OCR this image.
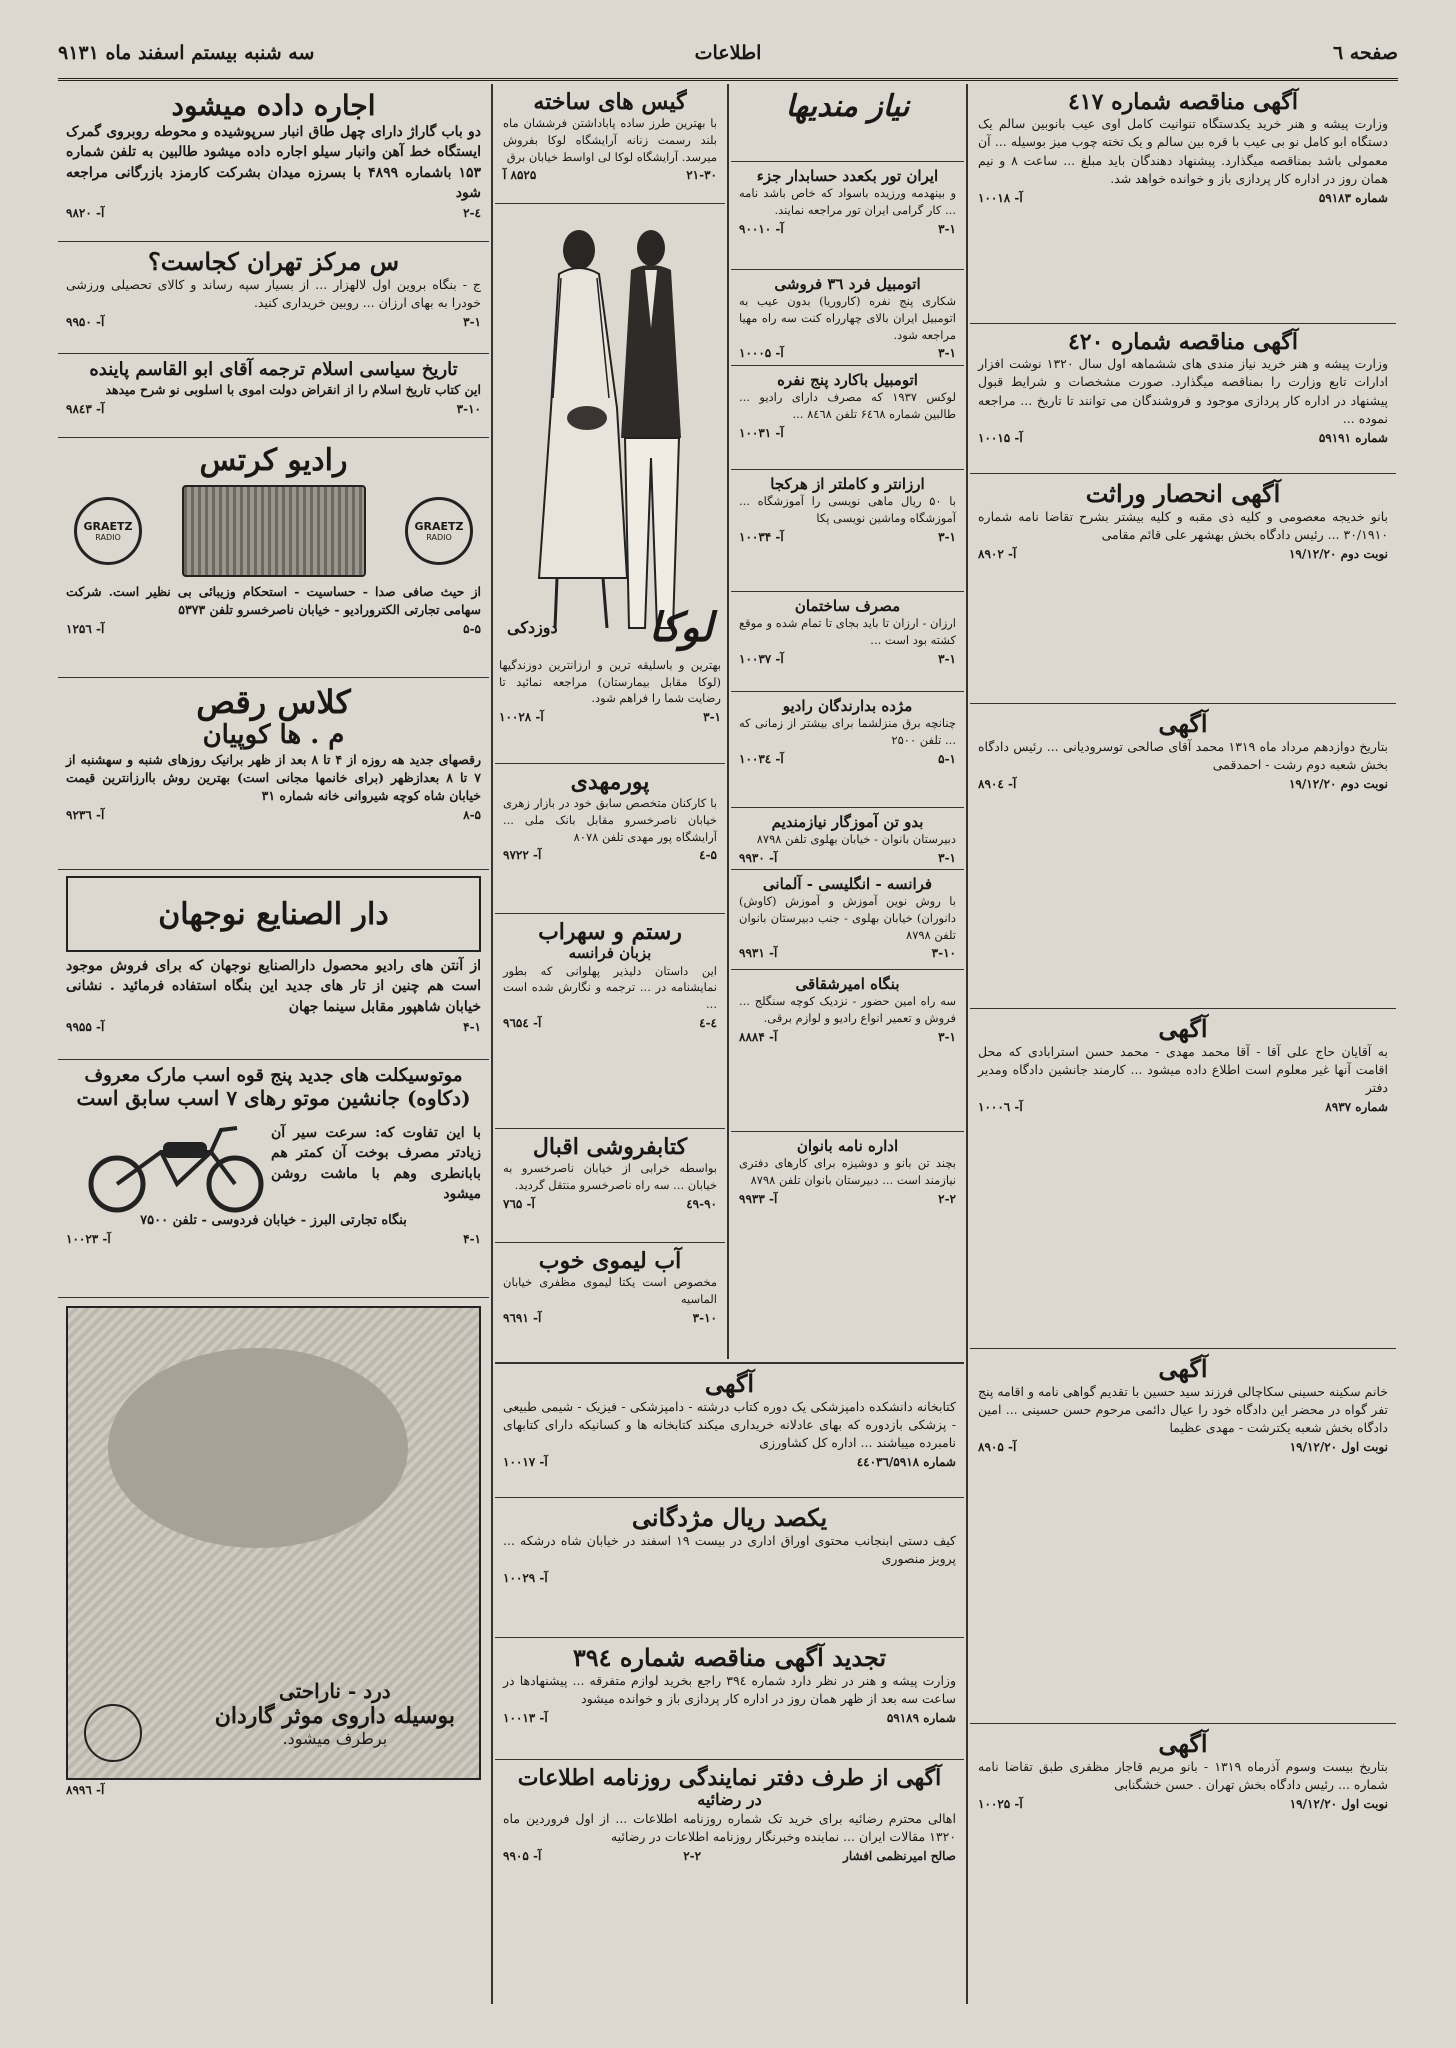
صفحه ٦
اطلاعات
سه شنبه بیستم اسفند ماه ۹۱۳۱
آگهی مناقصه شماره ٤١٧
وزارت پیشه و هنر خرید یکدستگاه تنوانیت کامل اوی عیب بانوبین سالم یک دستگاه ابو کامل نو بی عیب با قره بین سالم و یک تخته چوب میز بوسیله ... آن معمولی باشد بمناقصه میگذارد. پیشنهاد دهندگان باید مبلغ ... ساعت ۸ و نیم همان روز در اداره کار پردازی باز و خوانده خواهد شد.
شماره ۵۹۱۸۳
آ- ۱۰۰۱۸
آگهی مناقصه شماره ٤٢٠
وزارت پیشه و هنر خرید نیاز مندی های ششماهه اول سال ۱۳۲۰ نوشت افزار ادارات تابع وزارت را بمناقصه میگذارد. صورت مشخصات و شرایط قبول پیشنهاد در اداره کار پردازی موجود و فروشندگان می توانند تا تاریخ ... مراجعه نموده ...
شماره ۵۹۱۹۱
آ- ۱۰۰۱۵
آگهی انحصار وراثت
بانو خدیجه معصومی و کلیه ذی مقبه و کلیه بیشتر بشرح تقاضا نامه شماره ۳۰/۱۹۱۰ ... رئیس دادگاه بخش بهشهر علی قائم مقامی
نوبت دوم ۱۹/۱۲/۲۰
آ- ۸۹۰۲
آگهی
بتاریخ دوازدهم مرداد ماه ۱۳۱۹ محمد آقای صالحی توسرودیانی ... رئیس دادگاه بخش شعبه دوم رشت - احمدقمی
نوبت دوم ۱۹/۱۲/۲۰
آ- ۸۹۰٤
آگهی
به آقایان حاج علی آقا - آقا محمد مهدی - محمد حسن استرابادی که محل اقامت آنها غیر معلوم است اطلاع داده میشود ... کارمند جانشین دادگاه ومدیر دفتر
شماره ۸۹۳۷
آ- ۱۰۰۰٦
آگهی
خانم سکینه حسینی سکاچالی فرزند سید حسین با تقدیم گواهی نامه و اقامه پنج تفر گواه در محضر این دادگاه خود را عیال دائمی مرحوم حسن حسینی ... امین دادگاه بخش شعبه یکترشت - مهدی عظیما
نوبت اول ۱۹/۱۲/۲۰
آ- ۸۹۰۵
آگهی
بتاریخ بیست وسوم آذرماه ۱۳۱۹ - بانو مریم قاجار مظفری طبق تقاضا نامه شماره ... رئیس دادگاه بخش تهران . حسن خشگنابی
نوبت اول ۱۹/۱۲/۲۰
آ- ۱۰۰۲۵
نیاز مندیها
ایران تور بکعدد حسابدار جزء
و بینهدمه ورزیده باسواد که خاص باشد نامه ... کار گرامی ایران تور مراجعه نمایند.
۳-۱
آ- ۹۰۰۱۰
اتومبیل فرد ٣٦ فروشی
شکاری پنج نفره (کاروریا) بدون عیب به اتومبیل ایران بالای چهارراه کنت سه راه مهیا مراجعه شود.
۳-۱
آ- ۱۰۰۰۵
اتومبیل باکارد پنج نفره
لوکس ۱۹۳۷ که مصرف دارای رادیو ... طالبین شماره ۶٤٦۸ تلفن ۸٤٦۸ ...
آ- ۱۰۰۳۱
ارزانتر و کاملتر از هرکجا
با ۵۰ ریال ماهی نویسی را آموزشگاه ... آموزشگاه وماشین نویسی پکا
۳-۱
آ- ۱۰۰۳۴
مصرف ساختمان
ارزان - ارزان تا باید بجای تا تمام شده و موقع کشته بود است ...
۳-۱
آ- ۱۰۰۳۷
مژده بدارندگان رادیو
چنانچه برق منزلشما برای بیشتر از زمانی که ... تلفن ۲۵۰۰
۵-۱
آ- ۱۰۰۳٤
بدو تن آموزگار نیازمندیم
دبیرستان بانوان - خیابان بهلوی تلفن ۸۷۹۸
۳-۱
آ- ۹۹۳۰
فرانسه - انگلیسی - آلمانی
با روش نوین آموزش و آموزش (کاوش) دانوران) خیابان بهلوی - جنب دبیرستان بانوان تلفن ۸۷۹۸
۳-۱۰
آ- ۹۹۳۱
بنگاه امیرشقاقی
سه راه امین حضور - نزدیک کوچه سنگلج ... فروش و تعمیر انواع رادیو و لوازم برقی.
۳-۱
آ- ۸۸۸۴
اداره نامه بانوان
بچند تن بانو و دوشیزه برای کارهای دفتری نیازمند است ... دبیرستان بانوان تلفن ۸۷۹۸
۲-۲
آ- ۹۹۳۳
گیس های ساخته
با بهترین طرز ساده پاباداشتن فرششان ماه بلند رسمت زنانه آرایشگاه لوکا بفروش میرسد. آرایشگاه لوکا لی اواسط خیابان برق
۲۱-۳۰
۸۵۲۵ آ
لوکا
دوزدکی
بهترین و باسلیقه ترین و ارزانترین دوزندگیها (لوکا مقابل بیمارستان) مراجعه نمائید تا رضایت شما را فراهم شود.
۳-۱
آ- ۱۰۰۲۸
پورمهدی
با کارکنان متخصص سابق خود در بازار زهری خیابان ناصرخسرو مقابل بانک ملی ... آرایشگاه پور مهدی تلفن ۸۰۷۸
۵-٤
آ- ۹۷۲۲
رستم و سهراب
بزبان فرانسه
این داستان دلیذیر پهلوانی که بطور نمایشنامه در ... ترجمه و نگارش شده است ...
٤-٤
آ- ۹٦۵٤
کتابفروشی اقبال
بواسطه خرابی از خیابان ناصرخسرو به خیابان ... سه راه ناصرخسرو منتقل گردید.
۹۰-٤۹
آ- ۷٦۵
آب لیموی خوب
مخصوص است یکتا لیموی مظفری خیابان الماسیه
۳-۱۰
آ- ۹٦۹۱
آگهی
کتابخانه دانشکده دامپزشکی یک دوره کتاب درشته - دامپزشکی - فیزیک - شیمی طبیعی - پزشکی بازدوره که بهای عادلانه خریداری میکند کتابخانه ها و کسانیکه دارای کتابهای نامبرده میباشند ... اداره کل کشاورزی
شماره ٤٤٠۳٦/۵۹۱۸
آ- ۱۰۰۱۷
یکصد ریال مژدگانی
کیف دستی ابنجانب محتوی اوراق اداری در بیست ۱۹ اسفند در خیابان شاه درشکه ... پرویز منصوری
آ- ۱۰۰۲۹
تجدید آگهی مناقصه شماره ۳۹٤
وزارت پیشه و هنر در نظر دارد شماره ۳۹٤ راجع بخرید لوازم متفرقه ... پیشنهادها در ساعت سه بعد از ظهر همان روز در اداره کار پردازی باز و خوانده میشود
شماره ۵۹۱۸۹
آ- ۱۰۰۱۳
آگهی از طرف دفتر نمایندگی روزنامه اطلاعات
در رضائیه
اهالی محترم رضائیه برای خرید تک شماره روزنامه اطلاعات ... از اول فروردین ماه ۱۳۲۰ مقالات ایران ... نماینده وخبرنگار روزنامه اطلاعات در رضائیه
صالح امیرنظمی افشار
۲-۲
آ- ۹۹۰۵
اجاره داده میشود
دو باب گاراژ دارای چهل طاق انبار سرپوشیده و محوطه روبروی گمرک ایستگاه خط آهن وانبار سیلو اجاره داده میشود طالبین به تلفن شماره ۱۵۳ باشماره ۴۸۹۹ با بسرزه میدان بشرکت کارمزد بازرگانی مراجعه شود
٤-٢
آ- ۹۸۲۰
س مرکز تهران کجاست؟
ج - بنگاه بروین اول لالهزار ... از بسیار سپه رساند و کالای تحصیلی ورزشی خودرا به بهای ارزان ... روبین خریداری کنید.
۳-۱
آ- ۹۹۵۰
تاریخ سیاسی اسلام ترجمه آقای ابو القاسم پاینده
این کتاب تاریخ اسلام را از انقراض دولت اموی با اسلوبی نو شرح میدهد
۳-۱۰
آ- ۹۸٤۳
رادیو کرتس
GRAETZ
RADIO
GRAETZ
RADIO
از حیث صافی صدا - حساسیت - استحکام وزیبائی بی نظیر است. شرکت سهامی تجارتی الکترورادیو - خیابان ناصرخسرو تلفن ۵۳۷۳
۵-۵
آ- ۱۲۵٦
کلاس رقص
م . ها کوپیان
رقصهای جدید هه روزه از ۴ تا ۸ بعد از ظهر برانیک روزهای شنبه و سهشنبه از ۷ تا ۸ بعدازظهر (برای خانمها مجانی است) بهترین روش باارزانترین قیمت خیابان شاه کوچه شیروانی خانه شماره ۳۱
۸-۵
آ- ۹۲۳٦
دار الصنایع نوجهان
از آنتن های رادیو محصول دارالصنایع نوجهان که برای فروش موجود است هم چنین از تار های جدید این بنگاه استفاده فرمائید . نشانی خیابان شاهپور مقابل سینما جهان
۴-۱
آ- ۹۹۵۵
موتوسیکلت های جدید پنج قوه اسب مارک معروف
(دکاوه) جانشین موتو رهای ۷ اسب سابق است
با این تفاوت که: سرعت سیر آن زیادتر مصرف بوخت آن کمتر هم بابانطری وهم با ماشت روشن میشود
بنگاه تجارتی البرز - خیابان فردوسی - تلفن ۷۵۰۰
۴-۱
آ- ۱۰۰۲۳
درد - ناراحتی
بوسیله داروی موثر گاردان
برطرف میشود.
آ- ۸۹۹٦
